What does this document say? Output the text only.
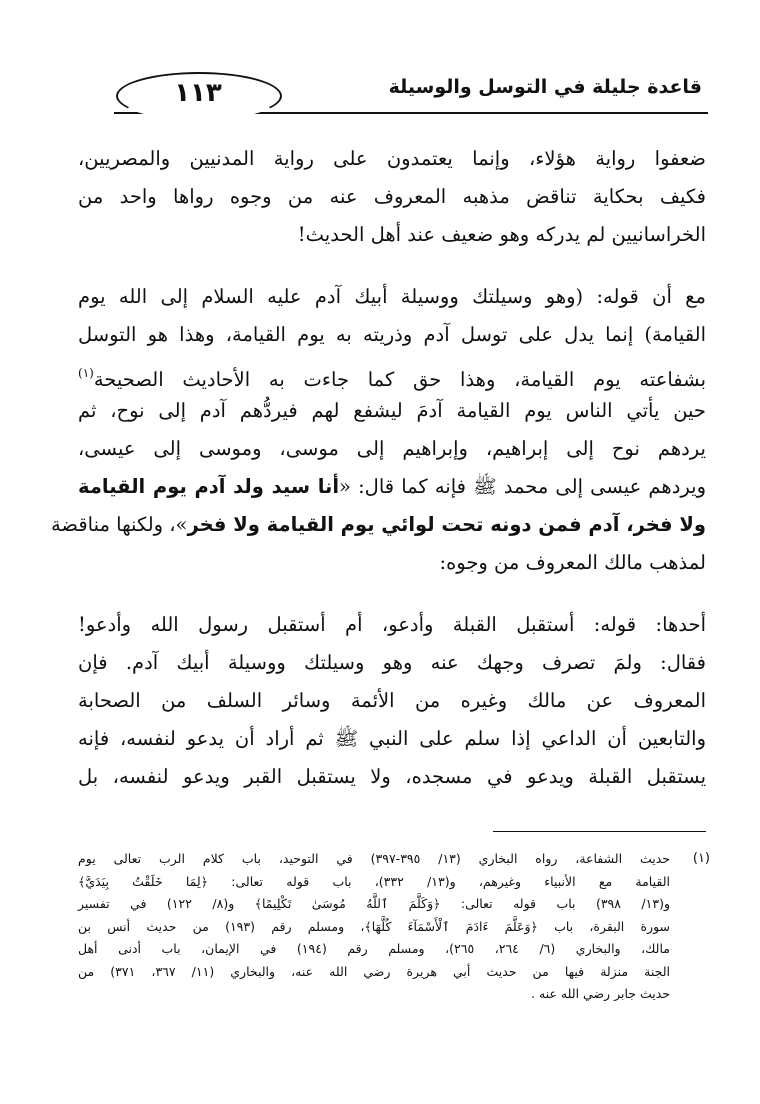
١١٣	قاعدة جليلة في التوسل والوسيلة
ضعفوا رواية هؤلاء، وإنما يعتمدون على رواية المدنيين والمصريين،
فكيف بحكاية تناقض مذهبه المعروف عنه من وجوه رواها واحد من
الخراسانيين لم يدركه وهو ضعيف عند أهل الحديث!
مع أن قوله: (وهو وسيلتك ووسيلة أبيك آدم عليه السلام إلى الله يوم
القيامة) إنما يدل على توسل آدم وذريته به يوم القيامة، وهذا هو التوسل
بشفاعته يوم القيامة، وهذا حق كما جاءت به الأحاديث الصحيحة$^{(١)}$
حين يأتي الناس يوم القيامة آدمَ ليشفع لهم فيردُّهم آدم إلى نوح، ثم
يردهم نوح إلى إبراهيم، وإبراهيم إلى موسى، وموسى إلى عيسى،
ويردهم عيسى إلى محمد ﷺ فإنه كما قال: «أنا سيد ولد آدم يوم القيامة
ولا فخر، آدم فمن دونه تحت لوائي يوم القيامة ولا فخر»، ولكنها مناقضة
لمذهب مالك المعروف من وجوه:
أحدها: قوله: أستقبل القبلة وأدعو، أم أستقبل رسول الله وأدعو!
فقال: ولمَ تصرف وجهك عنه وهو وسيلتك ووسيلة أبيك آدم. فإن
المعروف عن مالك وغيره من الأئمة وسائر السلف من الصحابة
والتابعين أن الداعي إذا سلم على النبي ﷺ ثم أراد أن يدعو لنفسه، فإنه
يستقبل القبلة ويدعو في مسجده، ولا يستقبل القبر ويدعو لنفسه، بل
(١)
حديث الشفاعة، رواه البخاري (١٣/ ٣٩٥-٣٩٧) في التوحيد، باب كلام الرب تعالى يوم
القيامة مع الأنبياء وغيرهم، و(١٣/ ٣٣٢)، باب قوله تعالى: ﴿لِمَا خَلَقْتُ بِيَدَيَّ﴾
و(١٣/ ٣٩٨) باب قوله تعالى: ﴿وَكَلَّمَ ٱللَّهُ مُوسَىٰ تَكْلِيمًا﴾ و(٨/ ١٢٢) في تفسير
سورة البقرة، باب ﴿وَعَلَّمَ ءَادَمَ ٱلْأَسْمَآءَ كُلَّهَا﴾، ومسلم رقم (١٩٣) من حديث أنس بن
مالك، والبخاري (٦/ ٢٦٤، ٢٦٥)، ومسلم رقم (١٩٤) في الإيمان، باب أدنى أهل
الجنة منزلة فيها من حديث أبي هريرة رضي الله عنه، والبخاري (١١/ ٣٦٧، ٣٧١) من
حديث جابر رضي الله عنه .
